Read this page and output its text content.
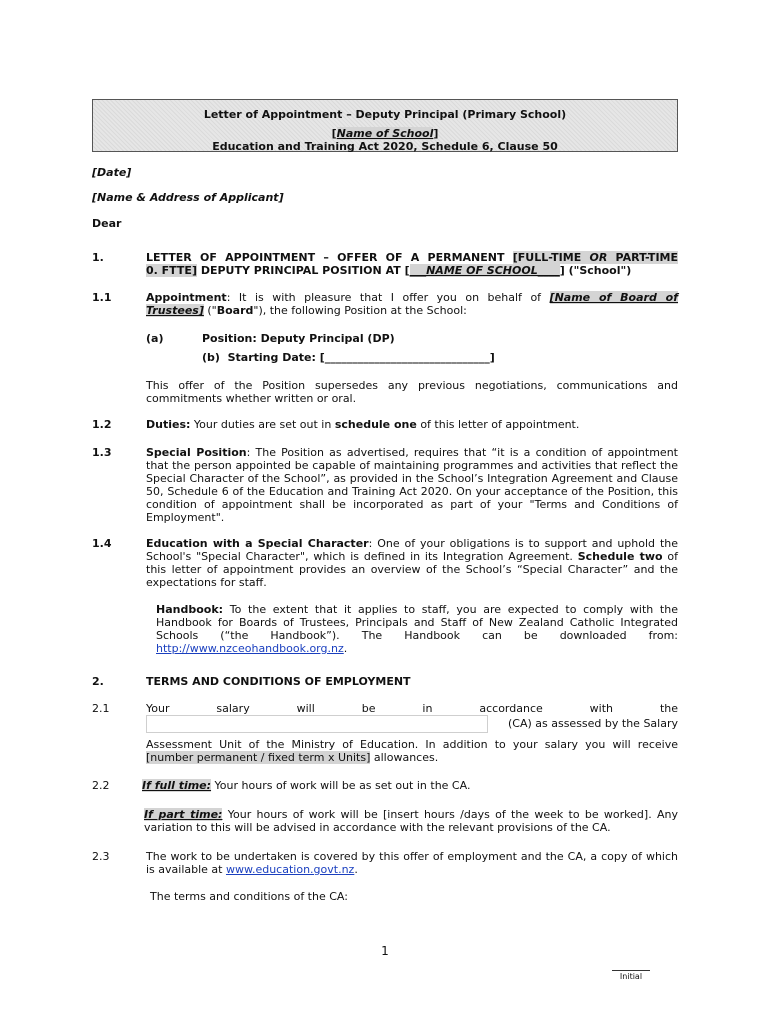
Letter of Appointment – Deputy Principal (Primary School)
[Name of School]
Education and Training Act 2020, Schedule 6, Clause 50
[Date]
[Name & Address of Applicant]
Dear
1.	LETTER OF APPOINTMENT – OFFER OF A PERMANENT [FULL-TIME OR PART-TIME
0. FTTE] DEPUTY PRINCIPAL POSITION AT [___NAME OF SCHOOL____] ("School")
1.1	Appointment: It is with pleasure that I offer you on behalf of [Name of Board of
Trustees] ("Board"), the following Position at the School:
(a)	Position: Deputy Principal (DP)
(b) Starting Date: [______________________________]
This offer of the Position supersedes any previous negotiations, communications and commitments whether written or oral.
1.2	Duties: Your duties are set out in schedule one of this letter of appointment.
1.3	Special Position: The Position as advertised, requires that “it is a condition of appointment that the person appointed be capable of maintaining programmes and activities that reflect the Special Character of the School”, as provided in the School’s Integration Agreement and Clause 50, Schedule 6 of the Education and Training Act 2020. On your acceptance of the Position, this condition of appointment shall be incorporated as part of your "Terms and Conditions of Employment".
1.4	Education with a Special Character: One of your obligations is to support and uphold the School's "Special Character", which is defined in its Integration Agreement. Schedule two of this letter of appointment provides an overview of the School’s “Special Character” and the expectations for staff.
Handbook: To the extent that it applies to staff, you are expected to comply with the Handbook for Boards of Trustees, Principals and Staff of New Zealand Catholic Integrated Schools (“the Handbook”). The Handbook can be downloaded from: http://www.nzceohandbook.org.nz.
2.	TERMS AND CONDITIONS OF EMPLOYMENT
2.1	Your salary will be in accordance with the
(CA) as assessed by the Salary
Assessment Unit of the Ministry of Education. In addition to your salary you will receive
[number permanent / fixed term x Units] allowances.
2.2	If full time: Your hours of work will be as set out in the CA.
If part time: Your hours of work will be [insert hours /days of the week to be worked]. Any variation to this will be advised in accordance with the relevant provisions of the CA.
2.3	The work to be undertaken is covered by this offer of employment and the CA, a copy of which is available at www.education.govt.nz.
The terms and conditions of the CA:
1
Initial
